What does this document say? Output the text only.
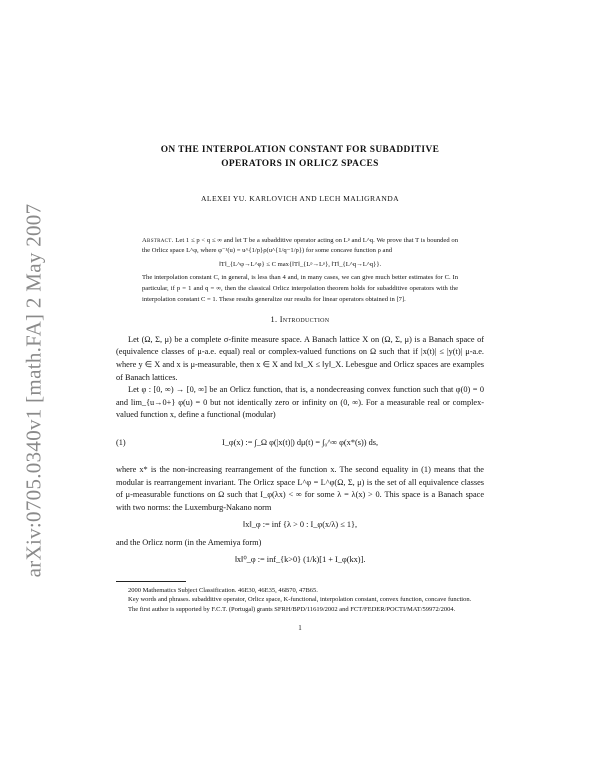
arXiv:0705.0340v1 [math.FA] 2 May 2007
ON THE INTERPOLATION CONSTANT FOR SUBADDITIVE
OPERATORS IN ORLICZ SPACES
ALEXEI YU. KARLOVICH AND LECH MALIGRANDA

Abstract. Let 1 ≤ p < q ≤ ∞ and let T be a subadditive operator acting on Lᵖ and L^q. We prove that T is bounded on the Orlicz space L^φ, where φ⁻¹(u) = u^{1/p}ρ(u^{1/q−1/p}) for some concave function ρ and

‖T‖_{L^φ→L^φ} ≤ C max{‖T‖_{Lᵖ→Lᵖ}, ‖T‖_{L^q→L^q}}.

The interpolation constant C, in general, is less than 4 and, in many cases, we can give much better estimates for C. In particular, if p = 1 and q = ∞, then the classical Orlicz interpolation theorem holds for subadditive operators with the interpolation constant C = 1. These results generalize our results for linear operators obtained in [7].

1. Introduction

Let (Ω, Σ, μ) be a complete σ-finite measure space. A Banach lattice X on (Ω, Σ, μ) is a Banach space of (equivalence classes of μ-a.e. equal) real or complex-valued functions on Ω such that if |x(t)| ≤ |y(t)| μ-a.e. where y ∈ X and x is μ-measurable, then x ∈ X and ‖x‖_X ≤ ‖y‖_X. Lebesgue and Orlicz spaces are examples of Banach lattices.

Let φ : [0, ∞) → [0, ∞] be an Orlicz function, that is, a nondecreasing convex function such that φ(0) = 0 and lim_{u→0+} φ(u) = 0 but not identically zero or infinity on (0, ∞). For a measurable real or complex-valued function x, define a functional (modular)

(1)	I_φ(x) := ∫_Ω φ(|x(t)|) dμ(t) = ∫₀^∞ φ(x*(s)) ds,

where x* is the non-increasing rearrangement of the function x. The second equality in (1) means that the modular is rearrangement invariant. The Orlicz space L^φ = L^φ(Ω, Σ, μ) is the set of all equivalence classes of μ-measurable functions on Ω such that I_φ(λx) < ∞ for some λ = λ(x) > 0. This space is a Banach space with two norms: the Luxemburg-Nakano norm

‖x‖_φ := inf {λ > 0 : I_φ(x/λ) ≤ 1},

and the Orlicz norm (in the Amemiya form)

‖x‖⁰_φ := inf_{k>0} (1/k)[1 + I_φ(kx)].

2000 Mathematics Subject Classification. 46E30, 46E35, 46B70, 47B65.

Key words and phrases. subadditive operator, Orlicz space, K-functional, interpolation constant, convex function, concave function.

The first author is supported by F.C.T. (Portugal) grants SFRH/BPD/11619/2002 and FCT/FEDER/POCTI/MAT/59972/2004.

1
